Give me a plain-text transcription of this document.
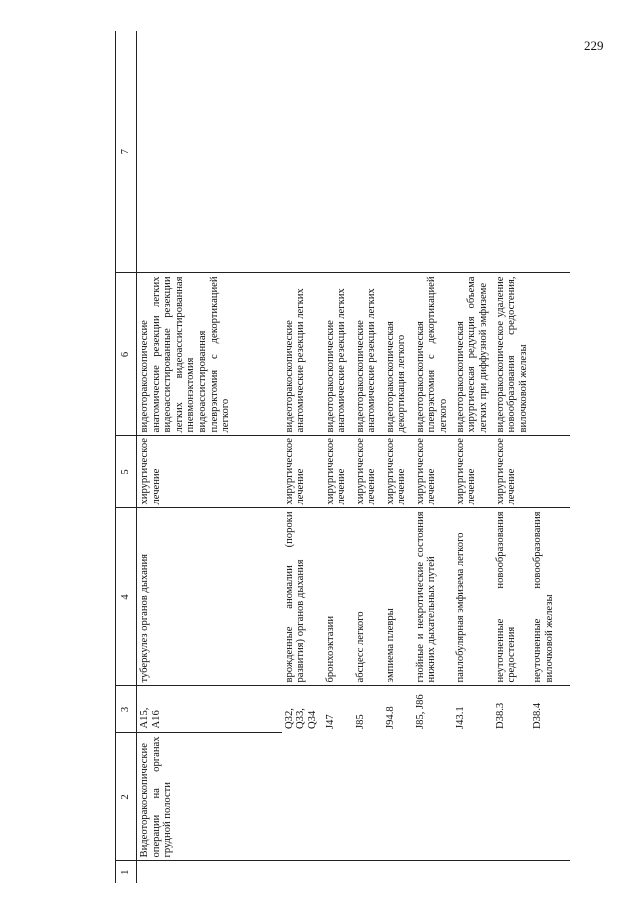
229
1	2	3	4	5	6	7
	Видеоторакоскопические операции на органах грудной полости	A15, A16	туберкулез органов дыхания	хирургическое лечение	видеоторакоскопические анатомические резекции легких видеоассистированные резекции легких видеоассистированная пневмонэктомия видеоассистированная плеврэктомия с декортикацией легкого	
		Q32, Q33, Q34	врожденные аномалии (пороки развития) органов дыхания	хирургическое лечение	видеоторакоскопические анатомические резекции легких	
		J47	бронхоэктазии	хирургическое лечение	видеоторакоскопические анатомические резекции легких	
		J85	абсцесс легкого	хирургическое лечение	видеоторакоскопические анатомические резекции легких	
		J94.8	эмпиема плевры	хирургическое лечение	видеоторакоскопическая декортикация легкого	
		J85, J86	гнойные и некротические состояния нижних дыхательных путей	хирургическое лечение	видеоторакоскопическая плеврэктомия с декортикацией легкого	
		J43.1	панлобулярная эмфизема легкого	хирургическое лечение	видеоторакоскопическая хирургическая редукция объема легких при диффузной эмфиземе	
		D38.3	неуточненные новообразования средостения	хирургическое лечение	видеоторакоскопическое удаление новообразования средостения, вилочковой железы	
		D38.4	неуточненные новообразования вилочковой железы			
